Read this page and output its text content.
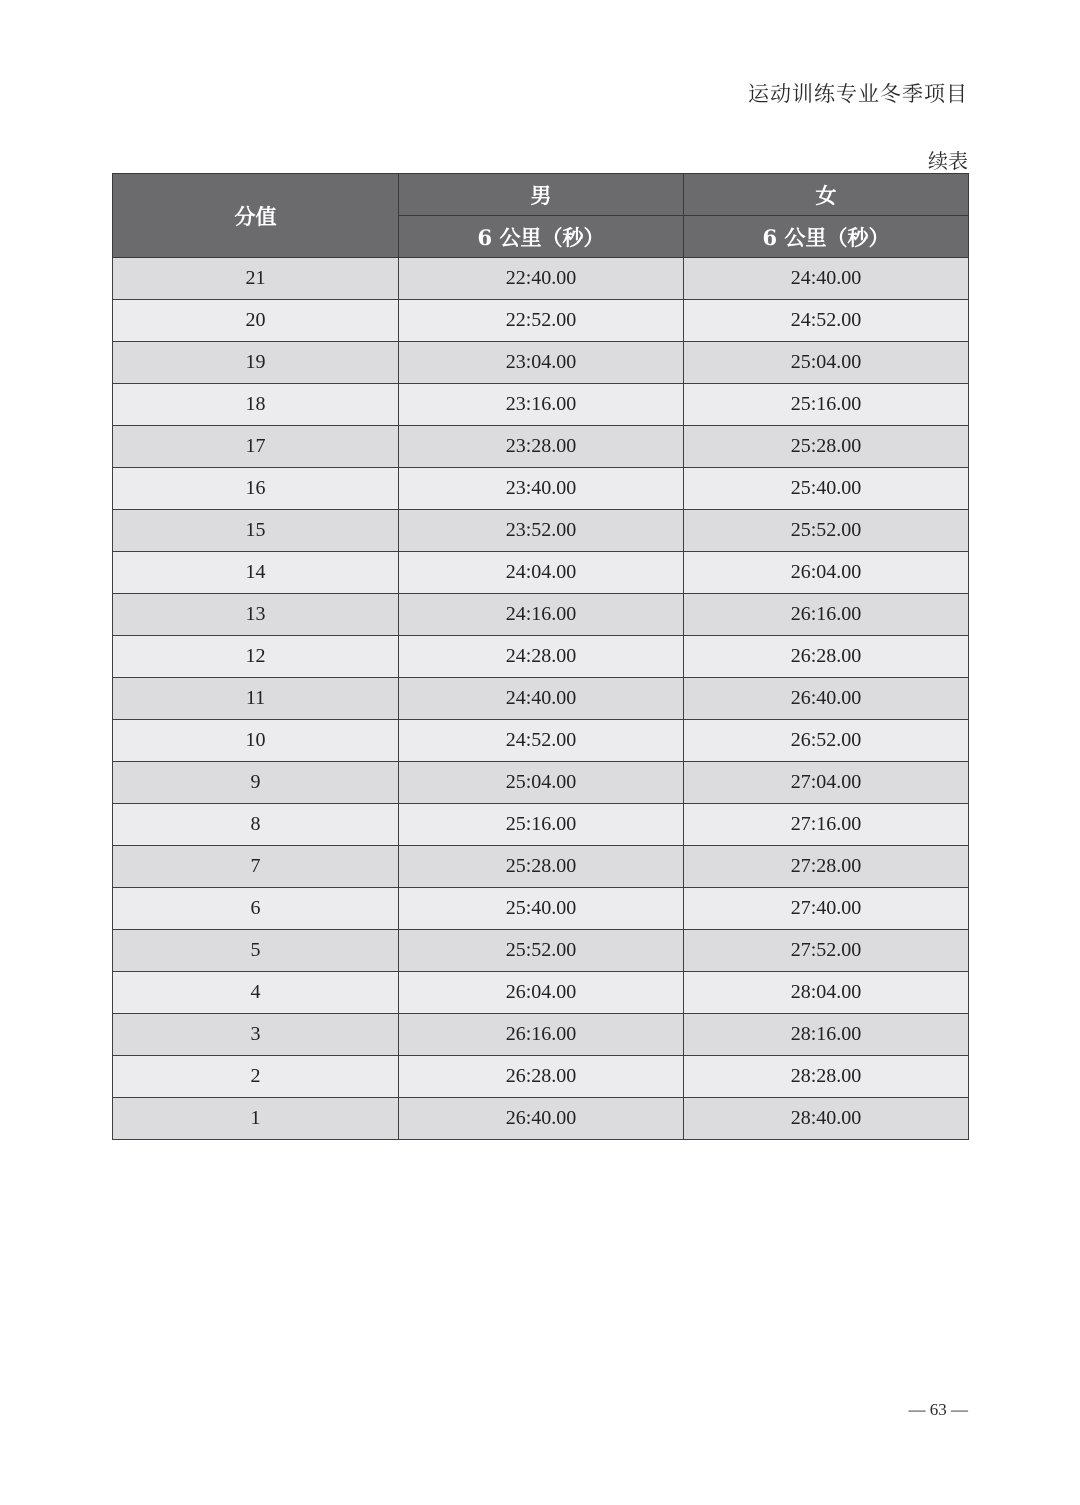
运动训练专业冬季项目
续表
分值	男	女
	6 公里（秒）	6 公里（秒）
21	22:40.00	24:40.00
20	22:52.00	24:52.00
19	23:04.00	25:04.00
18	23:16.00	25:16.00
17	23:28.00	25:28.00
16	23:40.00	25:40.00
15	23:52.00	25:52.00
14	24:04.00	26:04.00
13	24:16.00	26:16.00
12	24:28.00	26:28.00
11	24:40.00	26:40.00
10	24:52.00	26:52.00
9	25:04.00	27:04.00
8	25:16.00	27:16.00
7	25:28.00	27:28.00
6	25:40.00	27:40.00
5	25:52.00	27:52.00
4	26:04.00	28:04.00
3	26:16.00	28:16.00
2	26:28.00	28:28.00
1	26:40.00	28:40.00
— 63 —
